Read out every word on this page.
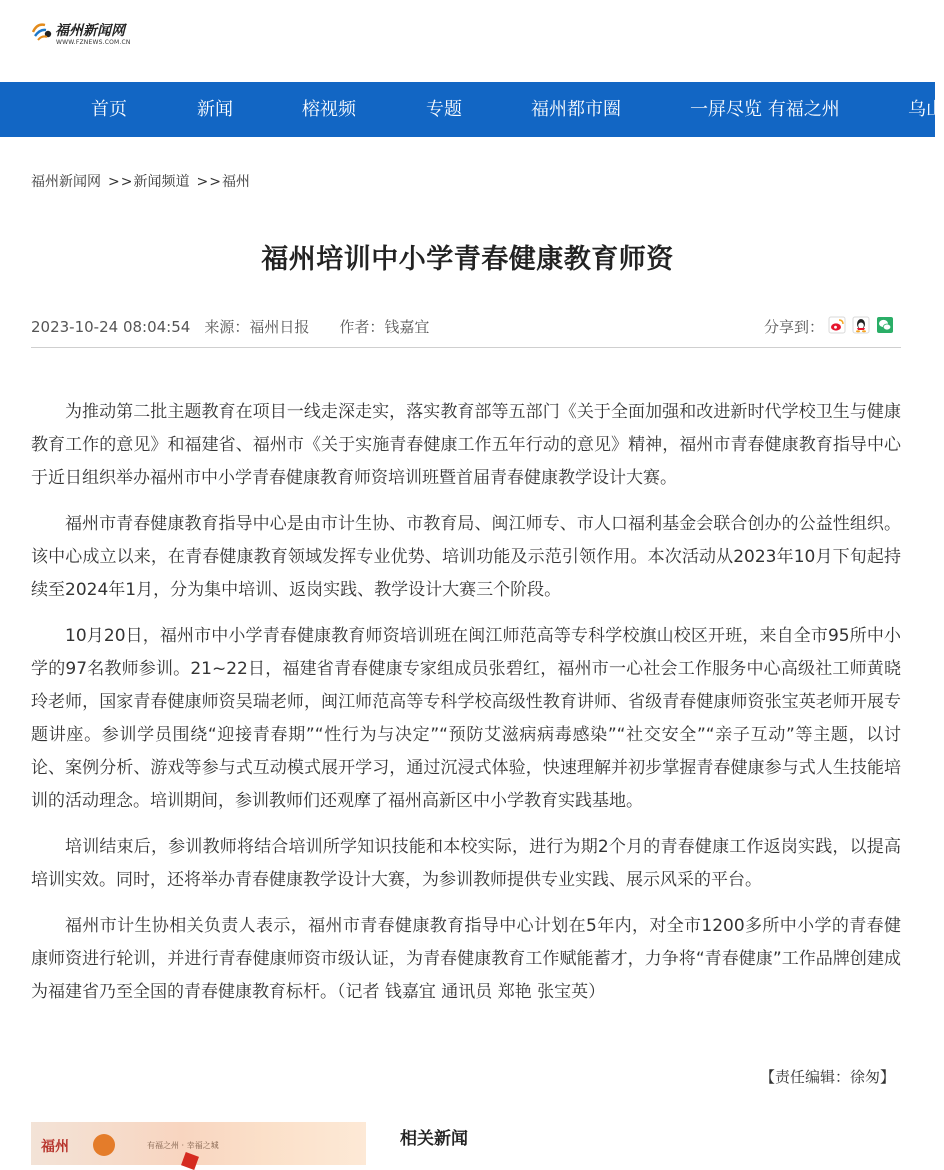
福州新闻网
WWW.FZNEWS.COM.CN
首页	新闻	榕视频	专题	福州都市圈	一屏尽览 有福之州	乌山
福州新闻网 >>新闻频道 >>福州
福州培训中小学青春健康教育师资
2023-10-24 08:04:54 来源：福州日报 作者：钱嘉宜	分享到：

为推动第二批主题教育在项目一线走深走实，落实教育部等五部门《关于全面加强和改进新时代学校卫生与健康教育工作的意见》和福建省、福州市《关于实施青春健康工作五年行动的意见》精神，福州市青春健康教育指导中心于近日组织举办福州市中小学青春健康教育师资培训班暨首届青春健康教学设计大赛。

福州市青春健康教育指导中心是由市计生协、市教育局、闽江师专、市人口福利基金会联合创办的公益性组织。该中心成立以来，在青春健康教育领域发挥专业优势、培训功能及示范引领作用。本次活动从2023年10月下旬起持续至2024年1月，分为集中培训、返岗实践、教学设计大赛三个阶段。

10月20日，福州市中小学青春健康教育师资培训班在闽江师范高等专科学校旗山校区开班，来自全市95所中小学的97名教师参训。21~22日，福建省青春健康专家组成员张碧红，福州市一心社会工作服务中心高级社工师黄晓玲老师，国家青春健康师资吴瑞老师，闽江师范高等专科学校高级性教育讲师、省级青春健康师资张宝英老师开展专题讲座。参训学员围绕“迎接青春期”“性行为与决定”“预防艾滋病病毒感染”“社交安全”“亲子互动”等主题，以讨论、案例分析、游戏等参与式互动模式展开学习，通过沉浸式体验，快速理解并初步掌握青春健康参与式人生技能培训的活动理念。培训期间，参训教师们还观摩了福州高新区中小学教育实践基地。

培训结束后，参训教师将结合培训所学知识技能和本校实际，进行为期2个月的青春健康工作返岗实践，以提高培训实效。同时，还将举办青春健康教学设计大赛，为参训教师提供专业实践、展示风采的平台。

福州市计生协相关负责人表示，福州市青春健康教育指导中心计划在5年内，对全市1200多所中小学的青春健康师资进行轮训，并进行青春健康师资市级认证，为青春健康教育工作赋能蓄才，力争将“青春健康”工作品牌创建成为福建省乃至全国的青春健康教育标杆。（记者 钱嘉宜 通讯员 郑艳 张宝英）

【责任编辑：徐匆】
福州	有福之州 · 幸福之城	相关新闻
